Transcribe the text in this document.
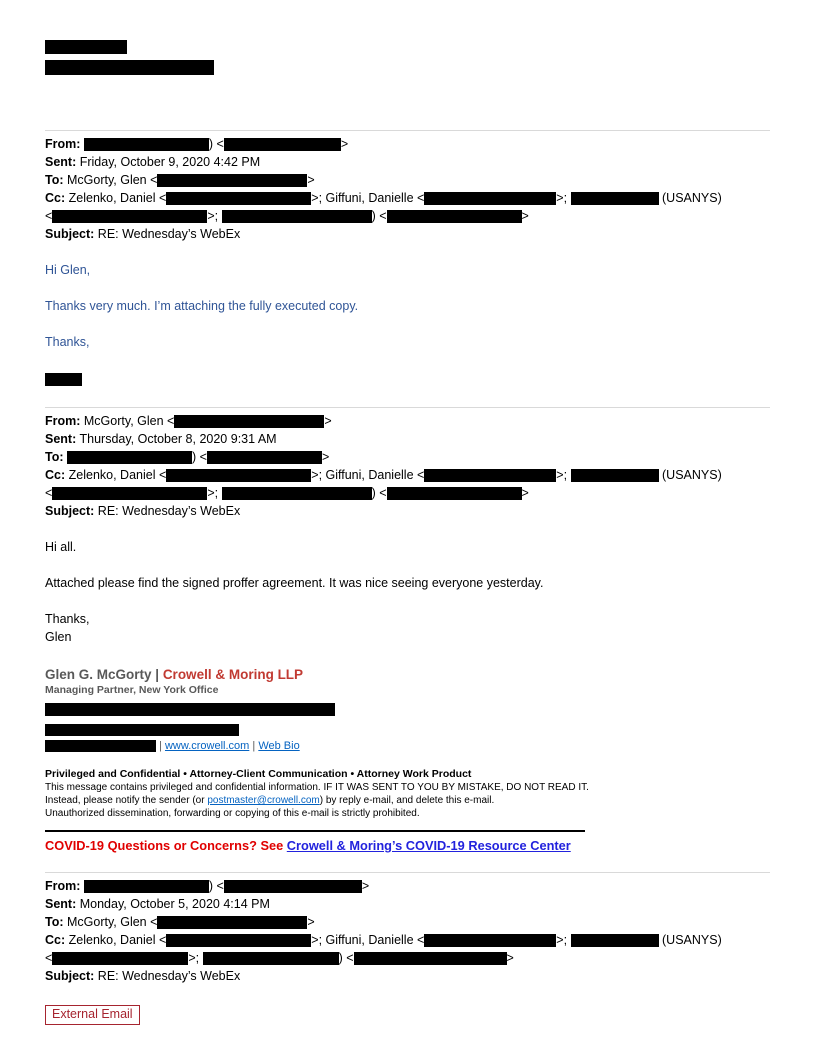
From:	) <	>
Sent: Friday, October 9, 2020 4:42 PM
To: McGorty, Glen <	>
Cc: Zelenko, Daniel <	>; Giffuni, Danielle <	>;	(USANYS)
<	>;	) <	>
Subject: RE: Wednesday’s WebEx

Hi Glen,

Thanks very much. I’m attaching the fully executed copy.

Thanks,

From: McGorty, Glen <	>
Sent: Thursday, October 8, 2020 9:31 AM
To:	) <	>
Cc: Zelenko, Daniel <	>; Giffuni, Danielle <	>;	(USANYS)
<	>;	) <	>
Subject: RE: Wednesday’s WebEx

Hi all.

Attached please find the signed proffer agreement. It was nice seeing everyone yesterday.

Thanks,

Glen

Glen G. McGorty | Crowell & Moring LLP
Managing Partner, New York Office
| www.crowell.com | Web Bio
Privileged and Confidential • Attorney-Client Communication • Attorney Work Product
This message contains privileged and confidential information. IF IT WAS SENT TO YOU BY MISTAKE, DO NOT READ IT.
Instead, please notify the sender (or postmaster@crowell.com) by reply e-mail, and delete this e-mail.
Unauthorized dissemination, forwarding or copying of this e-mail is strictly prohibited.
COVID-19 Questions or Concerns? See Crowell & Moring’s COVID-19 Resource Center
From:	) <	>
Sent: Monday, October 5, 2020 4:14 PM
To: McGorty, Glen <	>
Cc: Zelenko, Daniel <	>; Giffuni, Danielle <	>;	(USANYS)
<	>;	) <	>
Subject: RE: Wednesday’s WebEx
External Email
